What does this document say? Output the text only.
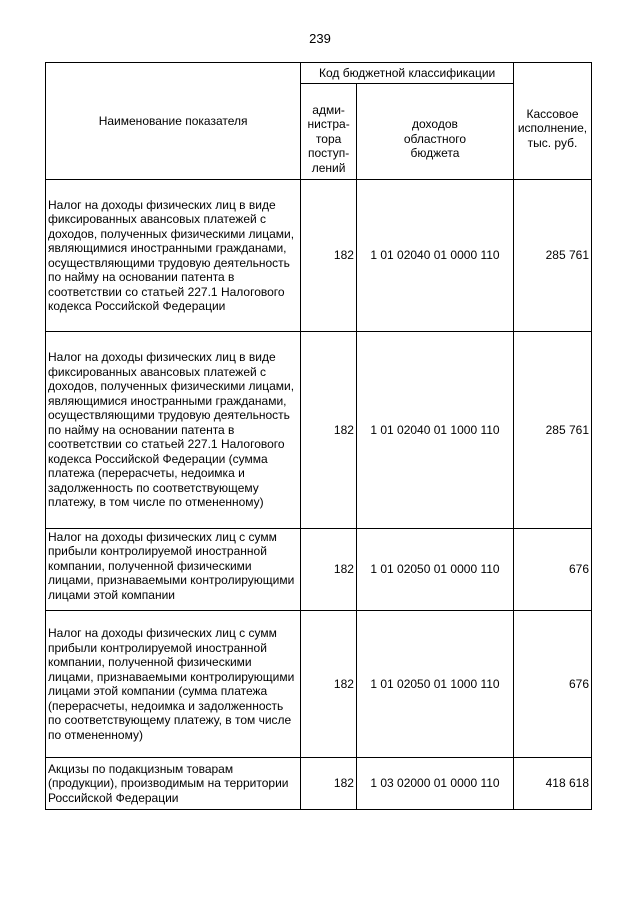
239
Наименование показателя	Код бюджетной классификации		Кассовое
исполнение,
тыс. руб.

адми-
нистра-
тора
поступ-
лений	доходов
областного
бюджета	

Налог на доходы физических лиц в виде фиксированных авансовых платежей с доходов, полученных физическими лицами, являющимися иностранными гражданами, осуществляющими трудовую деятельность по найму на основании патента в соответствии со статьей 227.1 Налогового кодекса Российской Федерации	182	1 01 02040 01 0000 110	285 761

Налог на доходы физических лиц в виде фиксированных авансовых платежей с доходов, полученных физическими лицами, являющимися иностранными гражданами, осуществляющими трудовую деятельность по найму на основании патента в соответствии со статьей 227.1 Налогового кодекса Российской Федерации (сумма платежа (перерасчеты, недоимка и задолженность по соответствующему платежу, в том числе по отмененному)	182	1 01 02040 01 1000 110	285 761

Налог на доходы физических лиц с сумм прибыли контролируемой иностранной компании, полученной физическими лицами, признаваемыми контролирующими лицами этой компании	182	1 01 02050 01 0000 110	676

Налог на доходы физических лиц с сумм прибыли контролируемой иностранной компании, полученной физическими лицами, признаваемыми контролирующими лицами этой компании (сумма платежа (перерасчеты, недоимка и задолженность по соответствующему платежу, в том числе по отмененному)	182	1 01 02050 01 1000 110	676

Акцизы по подакцизным товарам (продукции), производимым на территории Российской Федерации	182	1 03 02000 01 0000 110	418 618
